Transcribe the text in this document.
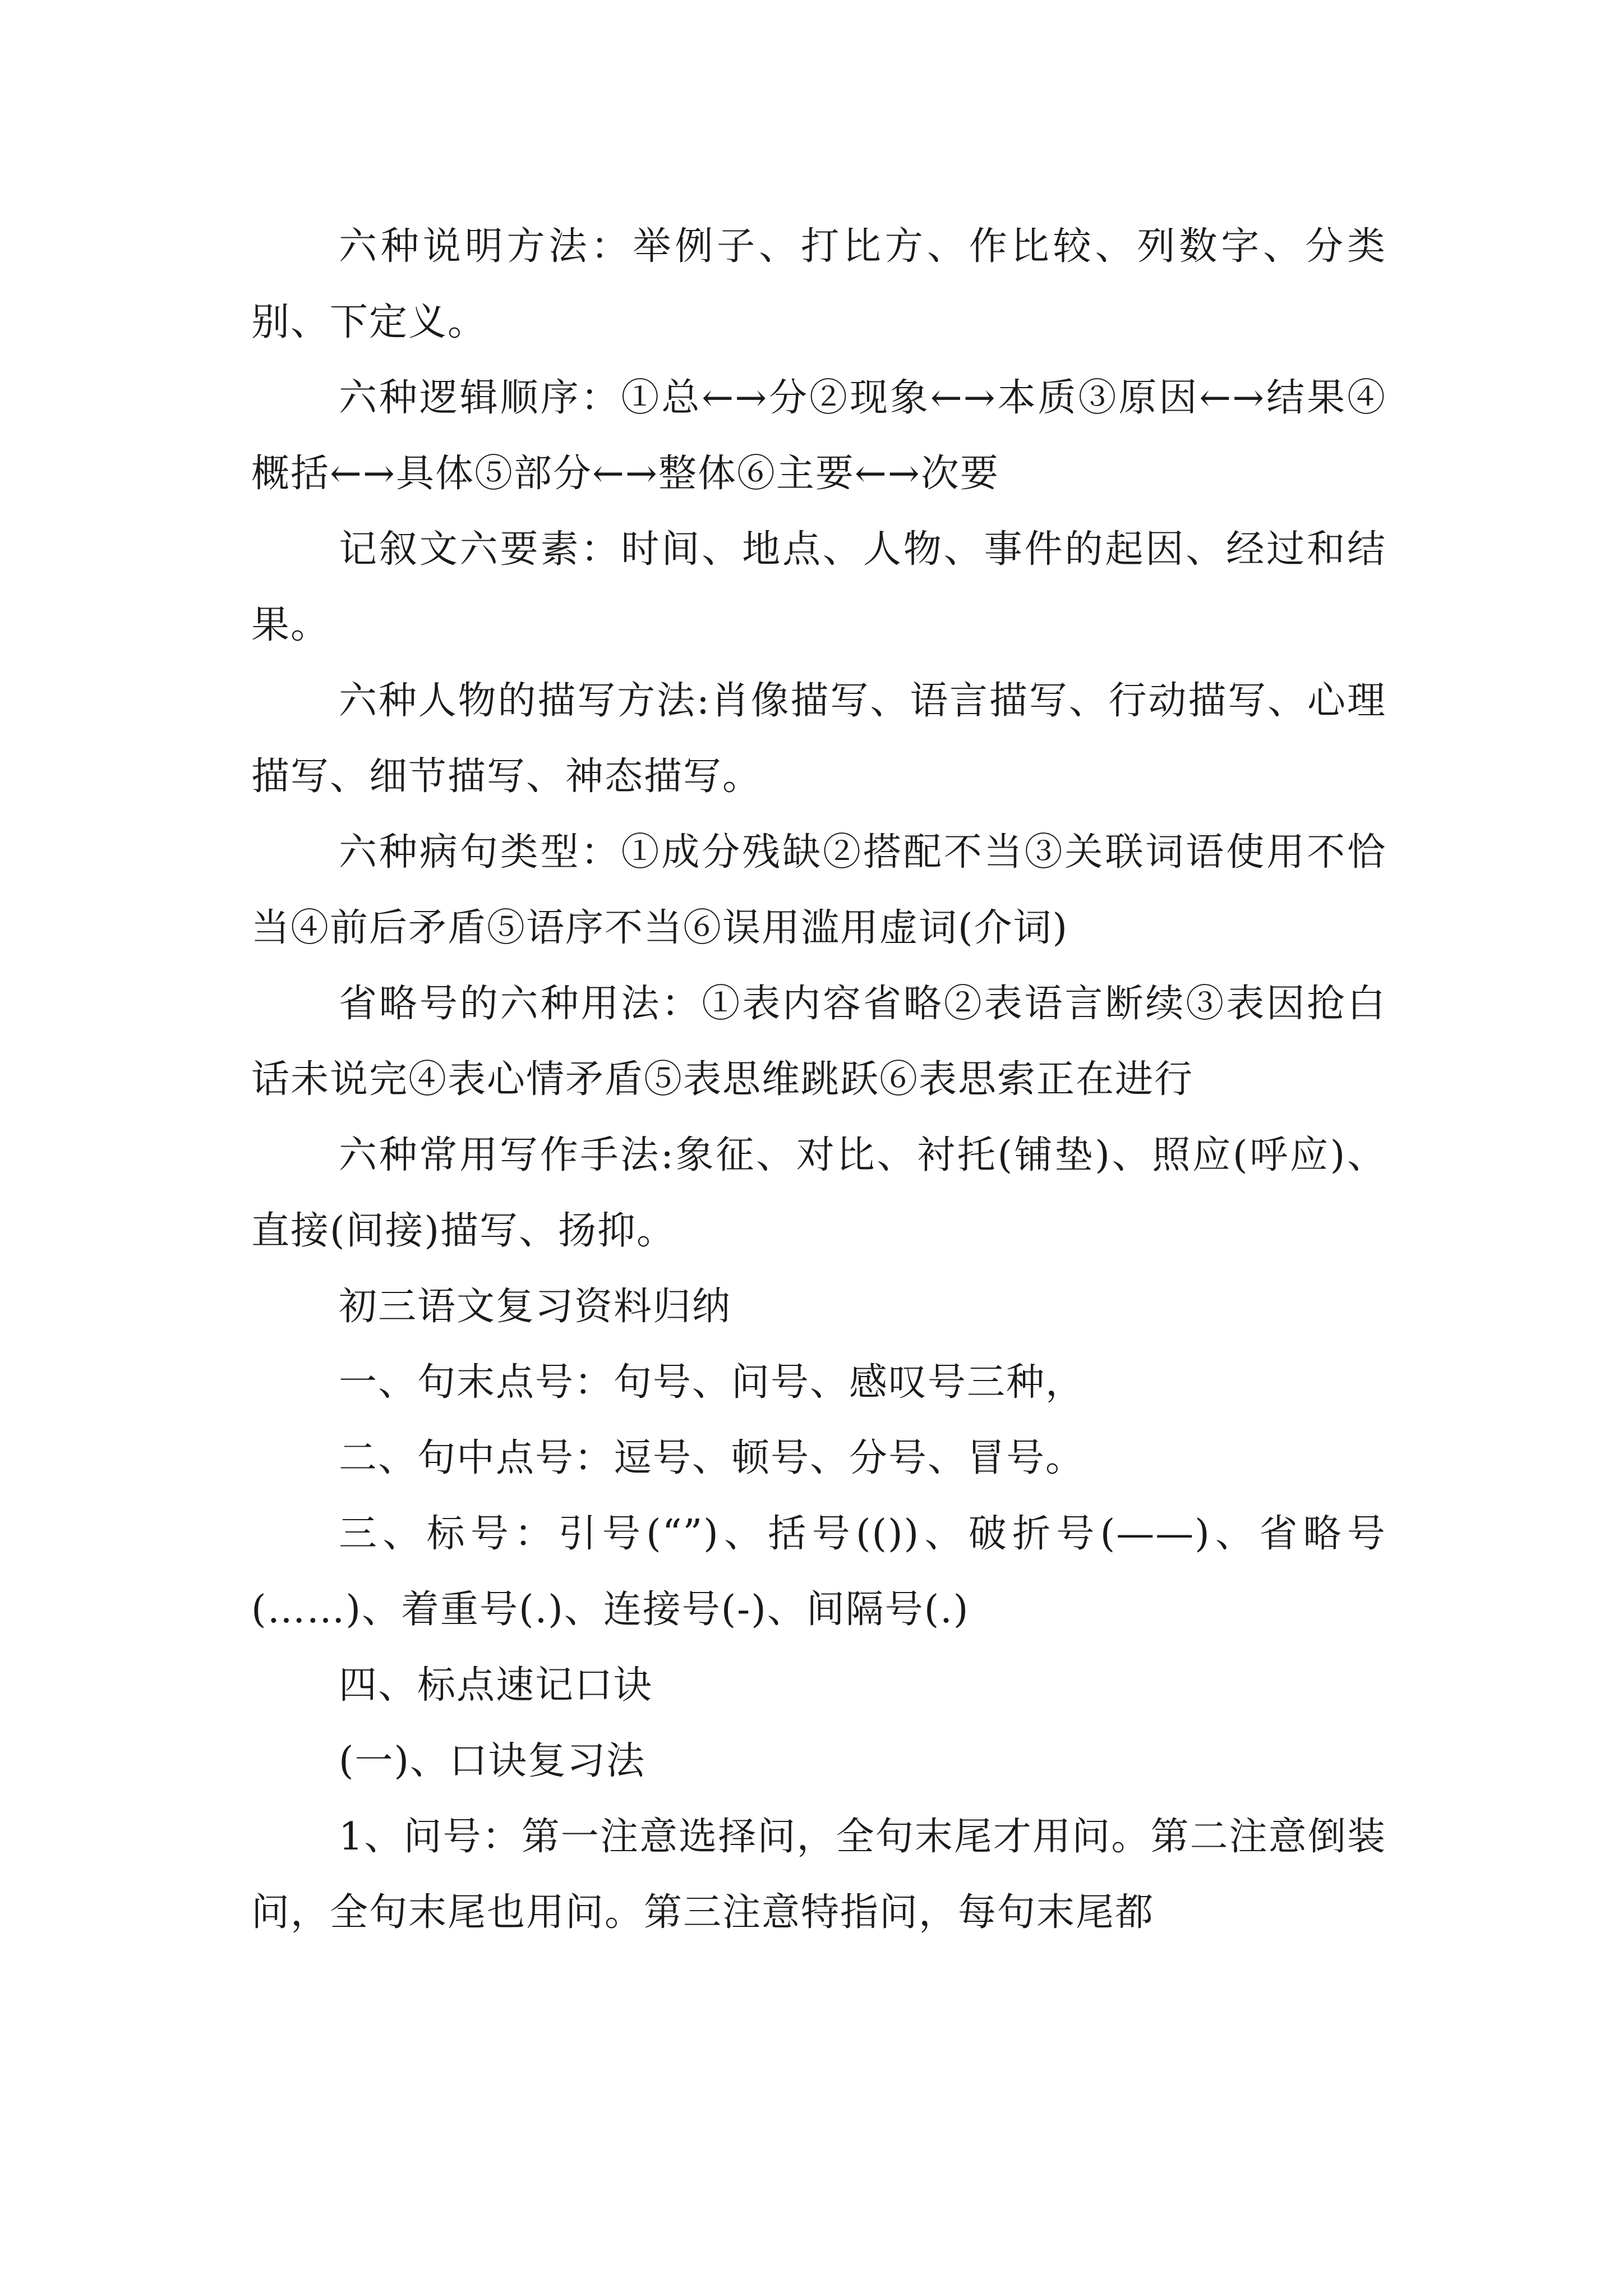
六种说明方法：举例子、打比方、作比较、列数字、分类别、下定义。

六种逻辑顺序：①总←→分②现象←→本质③原因←→结果④概括←→具体⑤部分←→整体⑥主要←→次要

记叙文六要素：时间、地点、人物、事件的起因、经过和结果。

六种人物的描写方法:肖像描写、语言描写、行动描写、心理描写、细节描写、神态描写。

六种病句类型：①成分残缺②搭配不当③关联词语使用不恰当④前后矛盾⑤语序不当⑥误用滥用虚词(介词)

省略号的六种用法：①表内容省略②表语言断续③表因抢白话未说完④表心情矛盾⑤表思维跳跃⑥表思索正在进行

六种常用写作手法:象征、对比、衬托(铺垫)、照应(呼应)、直接(间接)描写、扬抑。

初三语文复习资料归纳

一、句末点号：句号、问号、感叹号三种，

二、句中点号：逗号、顿号、分号、冒号。

三、标号：引号(“”)、括号(())、破折号(——)、省略号(……)、着重号(.)、连接号(-)、间隔号(.)

四、标点速记口诀

(一)、口诀复习法

1、问号：第一注意选择问，全句末尾才用问。第二注意倒装问，全句末尾也用问。第三注意特指问，每句末尾都
